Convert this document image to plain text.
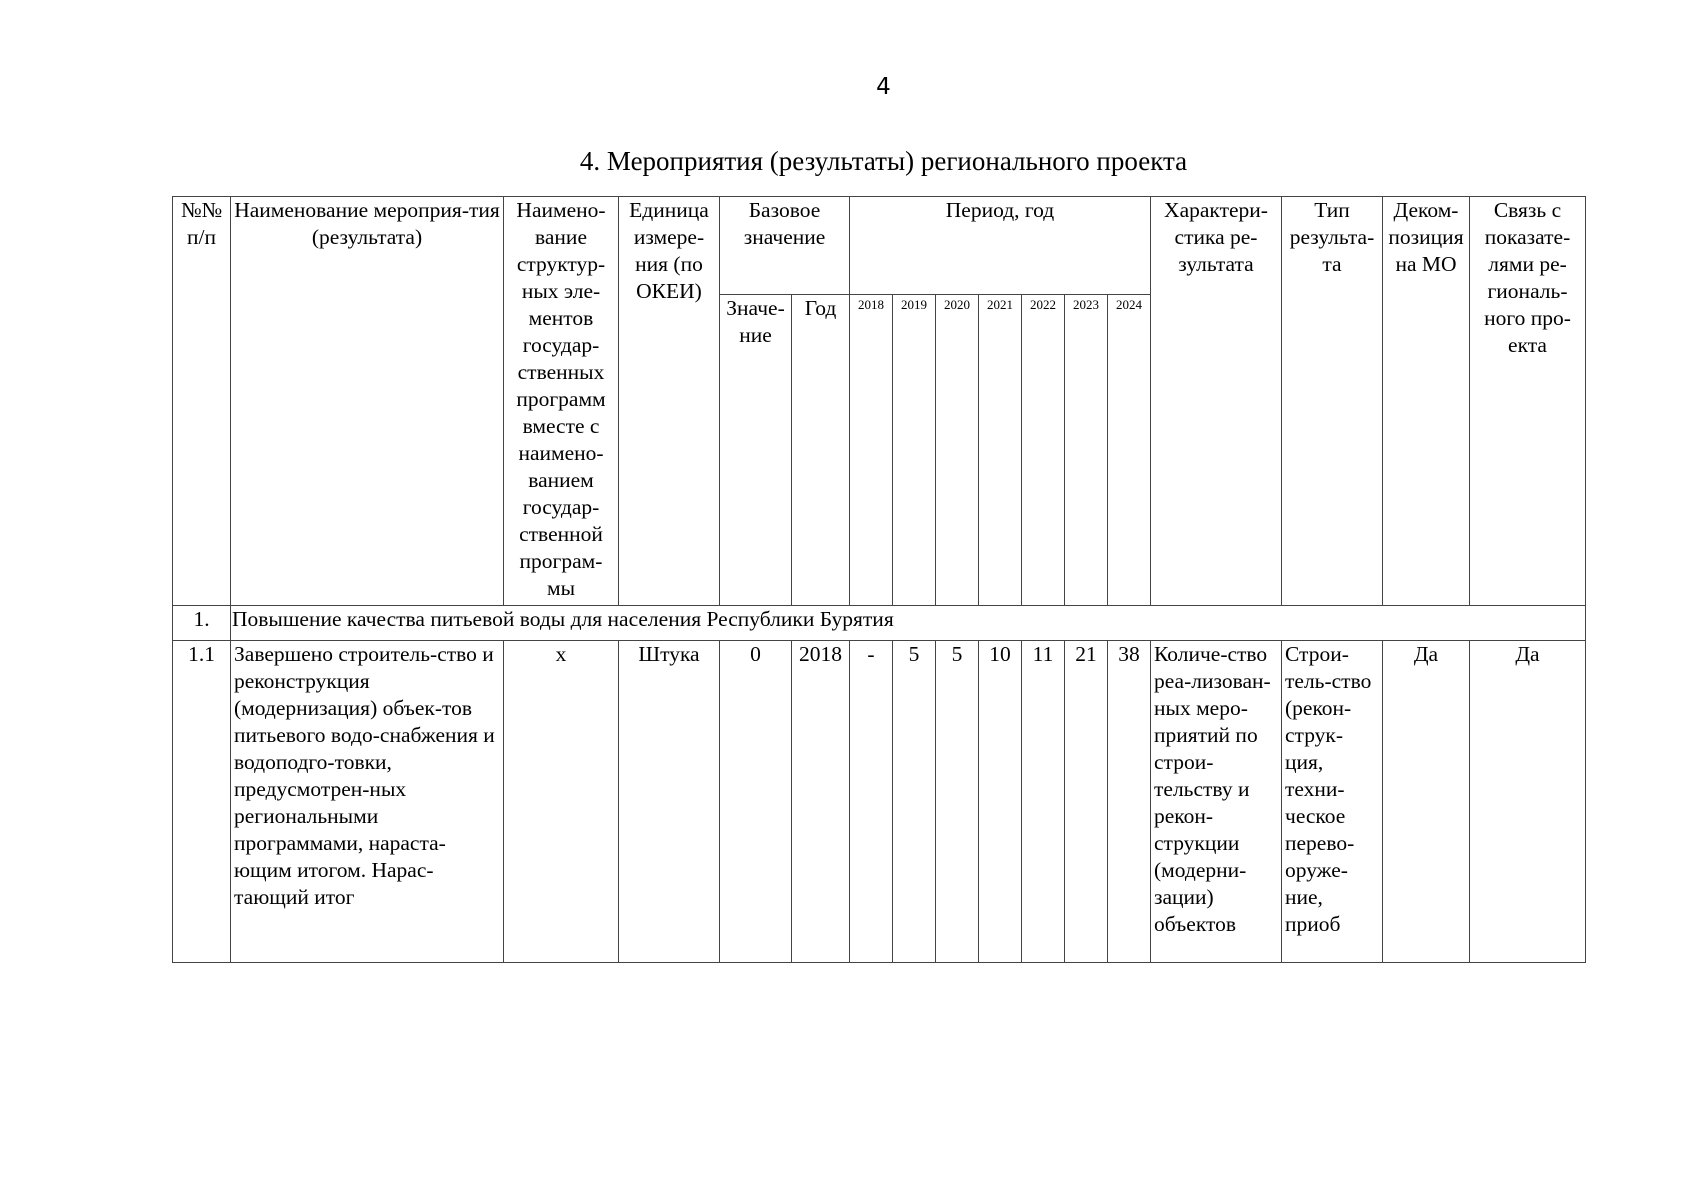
4
4. Мероприятия (результаты) регионального проекта
№№ п/п	Наименование мероприя-тия (результата)	Наимено-вание структур-ных эле-ментов государ-ственных программ вместе с наимено-ванием государ-ственной програм-мы	Единица измере-ния (по ОКЕИ)	Базовое значение		Период, год							Характери-стика ре-зультата	Тип результа-та	Деком-позиция на МО	Связь с показате-лями ре-гиональ-ного про-екта
				Значе-ние	Год	2018	2019	2020	2021	2022	2023	2024				
1.	Повышение качества питьевой воды для населения Республики Бурятия															
1.1	Завершено строитель-ство и реконструкция (модернизация) объек-тов питьевого водо-снабжения и водоподго-товки, предусмотрен-ных региональными программами, нараста-ющим итогом. Нарас-тающий итог	х	Штука	0	2018	-	5	5	10	11	21	38	Количе-ство реа-лизован-ных меро-приятий по строи-тельству и рекон-струкции (модерни-зации) объектов	Строи-тель-ство (рекон-струк-ция, техни-ческое перево-оруже-ние, приоб	Да	Да
